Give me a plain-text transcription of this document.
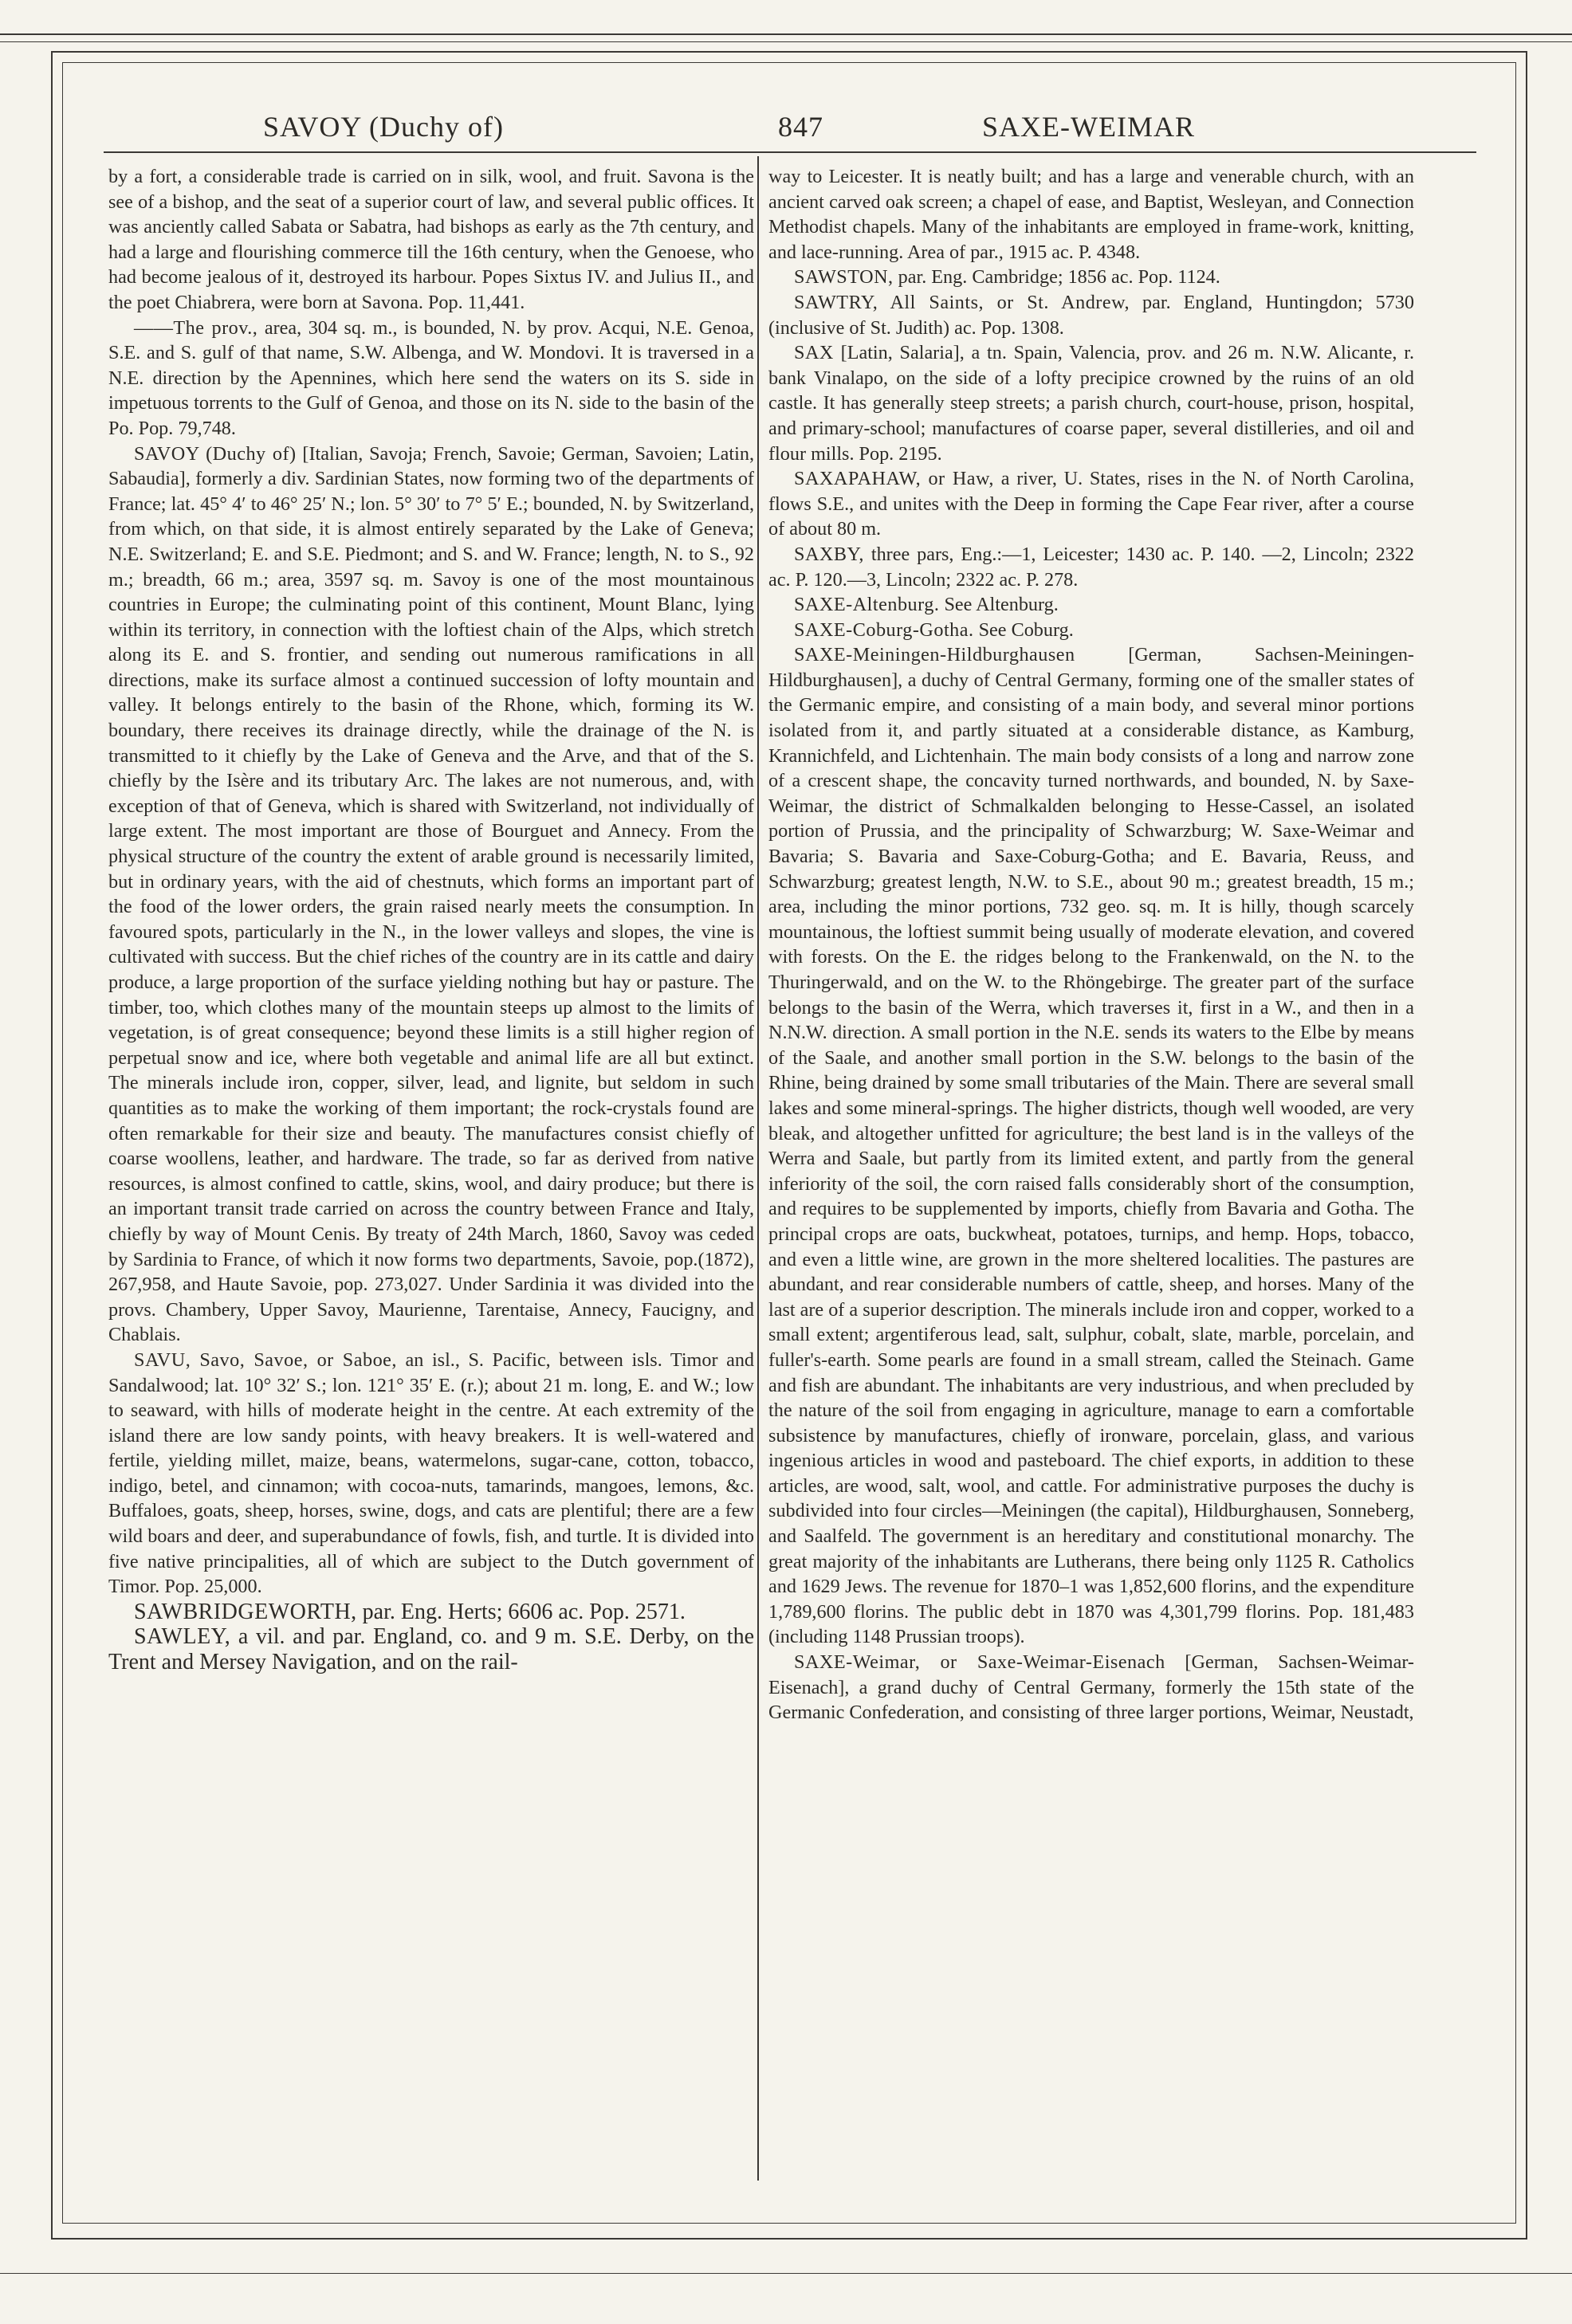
SAVOY (Duchy of)	847	SAXE-WEIMAR

by a fort, a considerable trade is carried on in silk, wool, and fruit. Savona is the see of a bishop, and the seat of a superior court of law, and several public offices. It was anciently called Sabata or Sabatra, had bishops as early as the 7th century, and had a large and flourishing commerce till the 16th century, when the Genoese, who had become jealous of it, destroyed its harbour. Popes Sixtus IV. and Julius II., and the poet Chiabrera, were born at Savona. Pop. 11,441.

——The prov., area, 304 sq. m., is bounded, N. by prov. Acqui, N.E. Genoa, S.E. and S. gulf of that name, S.W. Albenga, and W. Mondovi. It is traversed in a N.E. direction by the Apennines, which here send the waters on its S. side in impetuous torrents to the Gulf of Genoa, and those on its N. side to the basin of the Po. Pop. 79,748.

SAVOY (Duchy of) [Italian, Savoja; French, Savoie; German, Savoien; Latin, Sabaudia], formerly a div. Sardinian States, now forming two of the departments of France; lat. 45° 4′ to 46° 25′ N.; lon. 5° 30′ to 7° 5′ E.; bounded, N. by Switzerland, from which, on that side, it is almost entirely separated by the Lake of Geneva; N.E. Switzerland; E. and S.E. Piedmont; and S. and W. France; length, N. to S., 92 m.; breadth, 66 m.; area, 3597 sq. m. Savoy is one of the most mountainous countries in Europe; the culminating point of this continent, Mount Blanc, lying within its territory, in connection with the loftiest chain of the Alps, which stretch along its E. and S. frontier, and sending out numerous ramifications in all directions, make its surface almost a continued succession of lofty mountain and valley. It belongs entirely to the basin of the Rhone, which, forming its W. boundary, there receives its drainage directly, while the drainage of the N. is transmitted to it chiefly by the Lake of Geneva and the Arve, and that of the S. chiefly by the Isère and its tributary Arc. The lakes are not numerous, and, with exception of that of Geneva, which is shared with Switzerland, not individually of large extent. The most important are those of Bourguet and Annecy. From the physical structure of the country the extent of arable ground is necessarily limited, but in ordinary years, with the aid of chestnuts, which forms an important part of the food of the lower orders, the grain raised nearly meets the consumption. In favoured spots, particularly in the N., in the lower valleys and slopes, the vine is cultivated with success. But the chief riches of the country are in its cattle and dairy produce, a large proportion of the surface yielding nothing but hay or pasture. The timber, too, which clothes many of the mountain steeps up almost to the limits of vegetation, is of great consequence; beyond these limits is a still higher region of perpetual snow and ice, where both vegetable and animal life are all but extinct. The minerals include iron, copper, silver, lead, and lignite, but seldom in such quantities as to make the working of them important; the rock-crystals found are often remarkable for their size and beauty. The manufactures consist chiefly of coarse woollens, leather, and hardware. The trade, so far as derived from native resources, is almost confined to cattle, skins, wool, and dairy produce; but there is an important transit trade carried on across the country between France and Italy, chiefly by way of Mount Cenis. By treaty of 24th March, 1860, Savoy was ceded by Sardinia to France, of which it now forms two departments, Savoie, pop.(1872), 267,958, and Haute Savoie, pop. 273,027. Under Sardinia it was divided into the provs. Chambery, Upper Savoy, Maurienne, Tarentaise, Annecy, Faucigny, and Chablais.

SAVU, Savo, Savoe, or Saboe, an isl., S. Pacific, between isls. Timor and Sandalwood; lat. 10° 32′ S.; lon. 121° 35′ E. (r.); about 21 m. long, E. and W.; low to seaward, with hills of moderate height in the centre. At each extremity of the island there are low sandy points, with heavy breakers. It is well-watered and fertile, yielding millet, maize, beans, watermelons, sugar-cane, cotton, tobacco, indigo, betel, and cinnamon; with cocoa-nuts, tamarinds, mangoes, lemons, &c. Buffaloes, goats, sheep, horses, swine, dogs, and cats are plentiful; there are a few wild boars and deer, and superabundance of fowls, fish, and turtle. It is divided into five native principalities, all of which are subject to the Dutch government of Timor. Pop. 25,000.

SAWBRIDGEWORTH, par. Eng. Herts; 6606 ac. Pop. 2571.

SAWLEY, a vil. and par. England, co. and 9 m. S.E. Derby, on the Trent and Mersey Navigation, and on the rail-

way to Leicester. It is neatly built; and has a large and venerable church, with an ancient carved oak screen; a chapel of ease, and Baptist, Wesleyan, and Connection Methodist chapels. Many of the inhabitants are employed in frame-work, knitting, and lace-running. Area of par., 1915 ac. P. 4348.

SAWSTON, par. Eng. Cambridge; 1856 ac. Pop. 1124.

SAWTRY, All Saints, or St. Andrew, par. England, Huntingdon; 5730 (inclusive of St. Judith) ac. Pop. 1308.

SAX [Latin, Salaria], a tn. Spain, Valencia, prov. and 26 m. N.W. Alicante, r. bank Vinalapo, on the side of a lofty precipice crowned by the ruins of an old castle. It has generally steep streets; a parish church, court-house, prison, hospital, and primary-school; manufactures of coarse paper, several distilleries, and oil and flour mills. Pop. 2195.

SAXAPAHAW, or Haw, a river, U. States, rises in the N. of North Carolina, flows S.E., and unites with the Deep in forming the Cape Fear river, after a course of about 80 m.

SAXBY, three pars, Eng.:—1, Leicester; 1430 ac. P. 140. —2, Lincoln; 2322 ac. P. 120.—3, Lincoln; 2322 ac. P. 278.

SAXE-Altenburg. See Altenburg.

SAXE-Coburg-Gotha. See Coburg.

SAXE-Meiningen-Hildburghausen [German, Sachsen-Meiningen-Hildburghausen], a duchy of Central Germany, forming one of the smaller states of the Germanic empire, and consisting of a main body, and several minor portions isolated from it, and partly situated at a considerable distance, as Kamburg, Krannichfeld, and Lichtenhain. The main body consists of a long and narrow zone of a crescent shape, the concavity turned northwards, and bounded, N. by Saxe-Weimar, the district of Schmalkalden belonging to Hesse-Cassel, an isolated portion of Prussia, and the principality of Schwarzburg; W. Saxe-Weimar and Bavaria; S. Bavaria and Saxe-Coburg-Gotha; and E. Bavaria, Reuss, and Schwarzburg; greatest length, N.W. to S.E., about 90 m.; greatest breadth, 15 m.; area, including the minor portions, 732 geo. sq. m. It is hilly, though scarcely mountainous, the loftiest summit being usually of moderate elevation, and covered with forests. On the E. the ridges belong to the Frankenwald, on the N. to the Thuringerwald, and on the W. to the Rhöngebirge. The greater part of the surface belongs to the basin of the Werra, which traverses it, first in a W., and then in a N.N.W. direction. A small portion in the N.E. sends its waters to the Elbe by means of the Saale, and another small portion in the S.W. belongs to the basin of the Rhine, being drained by some small tributaries of the Main. There are several small lakes and some mineral-springs. The higher districts, though well wooded, are very bleak, and altogether unfitted for agriculture; the best land is in the valleys of the Werra and Saale, but partly from its limited extent, and partly from the general inferiority of the soil, the corn raised falls considerably short of the consumption, and requires to be supplemented by imports, chiefly from Bavaria and Gotha. The principal crops are oats, buckwheat, potatoes, turnips, and hemp. Hops, tobacco, and even a little wine, are grown in the more sheltered localities. The pastures are abundant, and rear considerable numbers of cattle, sheep, and horses. Many of the last are of a superior description. The minerals include iron and copper, worked to a small extent; argentiferous lead, salt, sulphur, cobalt, slate, marble, porcelain, and fuller's-earth. Some pearls are found in a small stream, called the Steinach. Game and fish are abundant. The inhabitants are very industrious, and when precluded by the nature of the soil from engaging in agriculture, manage to earn a comfortable subsistence by manufactures, chiefly of ironware, porcelain, glass, and various ingenious articles in wood and pasteboard. The chief exports, in addition to these articles, are wood, salt, wool, and cattle. For administrative purposes the duchy is subdivided into four circles—Meiningen (the capital), Hildburghausen, Sonneberg, and Saalfeld. The government is an hereditary and constitutional monarchy. The great majority of the inhabitants are Lutherans, there being only 1125 R. Catholics and 1629 Jews. The revenue for 1870–1 was 1,852,600 florins, and the expenditure 1,789,600 florins. The public debt in 1870 was 4,301,799 florins. Pop. 181,483 (including 1148 Prussian troops).

SAXE-Weimar, or Saxe-Weimar-Eisenach [German, Sachsen-Weimar-Eisenach], a grand duchy of Central Germany, formerly the 15th state of the Germanic Confederation, and consisting of three larger portions, Weimar, Neustadt,
